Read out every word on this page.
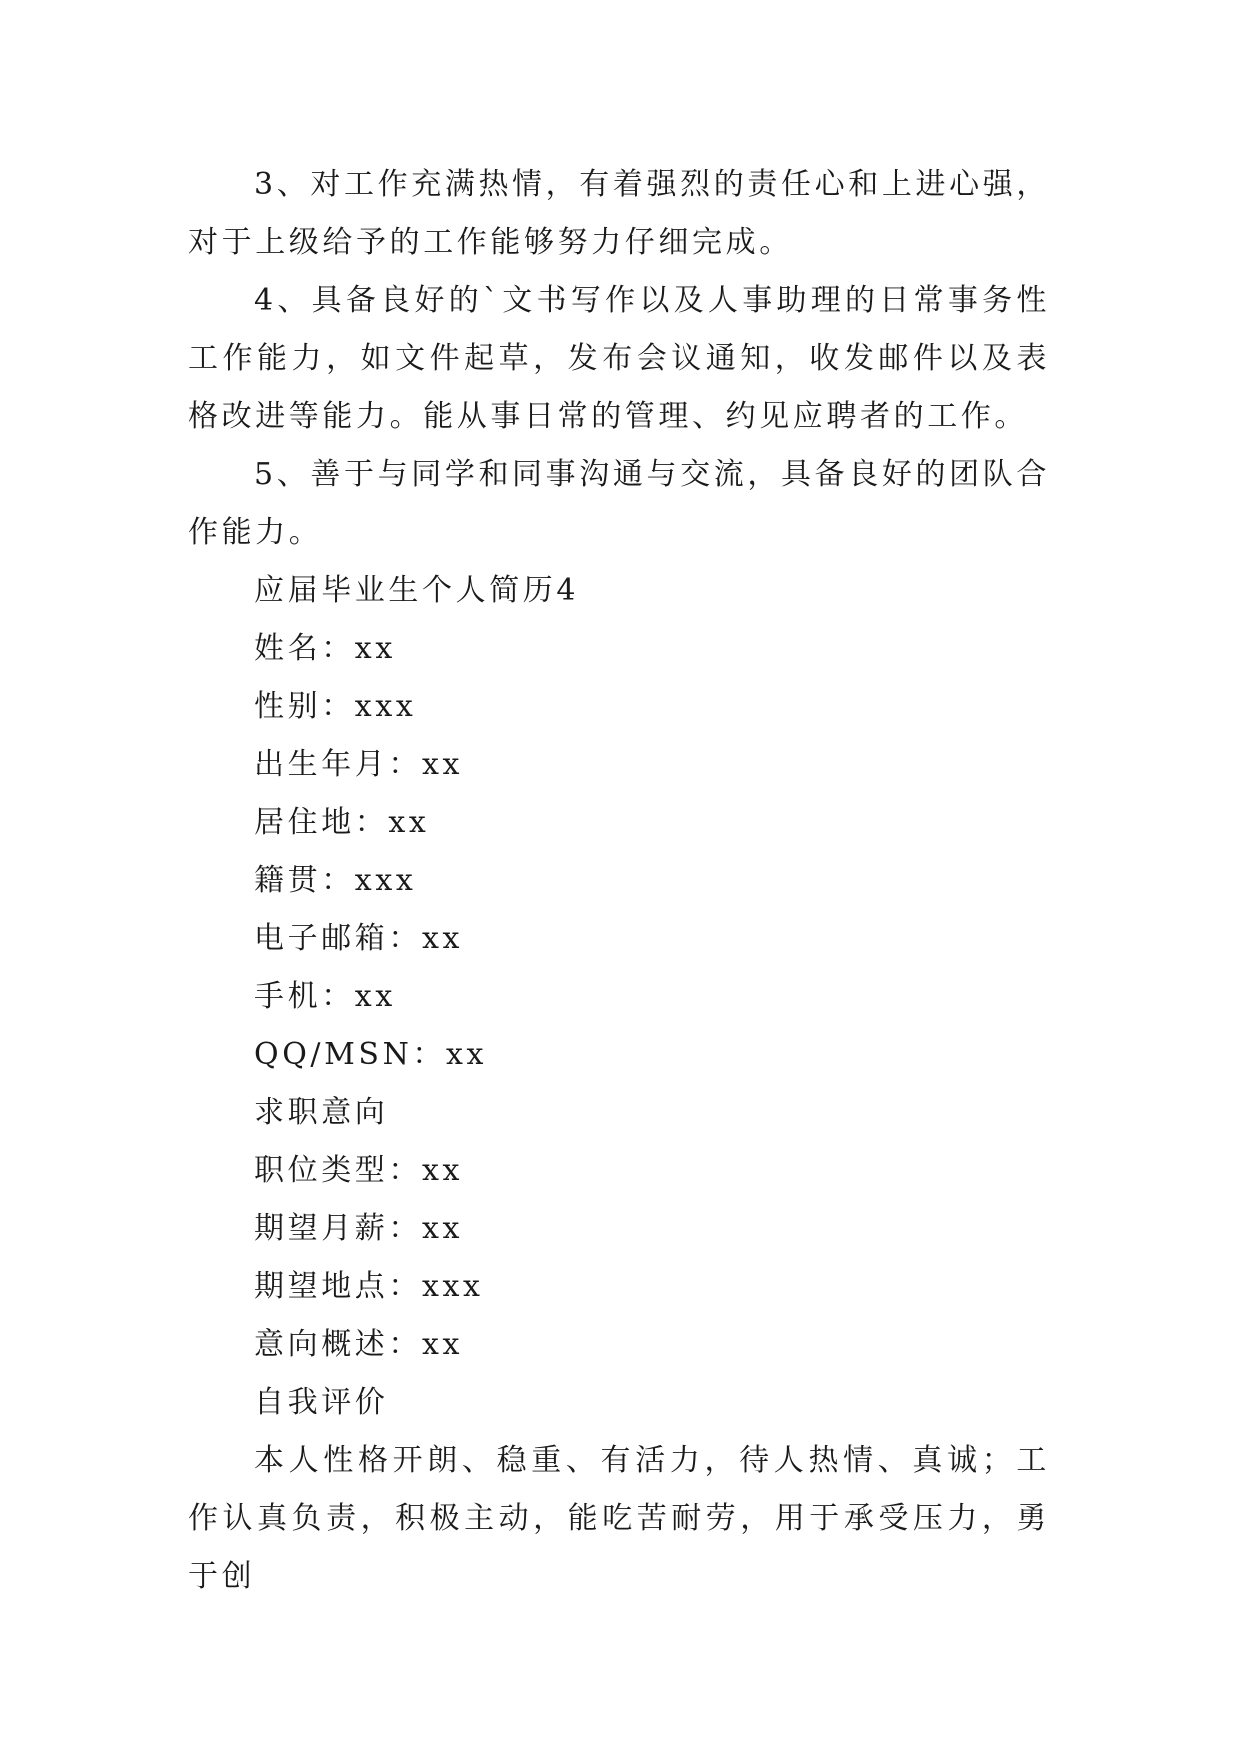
3、对工作充满热情，有着强烈的责任心和上进心强，对于上级给予的工作能够努力仔细完成。

4、具备良好的`文书写作以及人事助理的日常事务性工作能力，如文件起草，发布会议通知，收发邮件以及表格改进等能力。能从事日常的管理、约见应聘者的工作。

5、善于与同学和同事沟通与交流，具备良好的团队合作能力。

应届毕业生个人简历4

姓名：xx

性别：xxx

出生年月：xx

居住地：xx

籍贯：xxx

电子邮箱：xx

手机：xx

QQ/MSN：xx

求职意向

职位类型：xx

期望月薪：xx

期望地点：xxx

意向概述：xx

自我评价

本人性格开朗、稳重、有活力，待人热情、真诚；工作认真负责，积极主动，能吃苦耐劳，用于承受压力，勇于创
